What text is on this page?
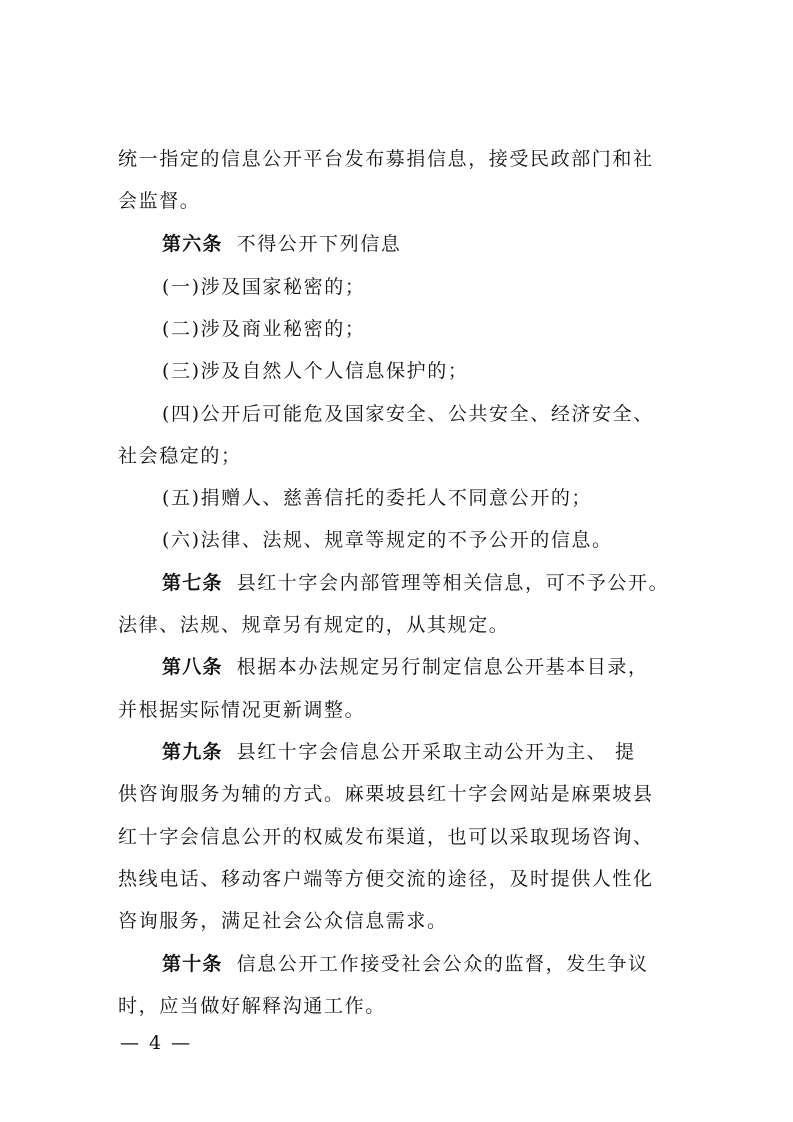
统一指定的信息公开平台发布募捐信息，接受民政部门和社
会监督。
第六条 不得公开下列信息
(一)涉及国家秘密的；
(二)涉及商业秘密的；
(三)涉及自然人个人信息保护的；
(四)公开后可能危及国家安全、公共安全、经济安全、
社会稳定的；
(五)捐赠人、慈善信托的委托人不同意公开的；
(六)法律、法规、规章等规定的不予公开的信息。
第七条 县红十字会内部管理等相关信息，可不予公开。
法律、法规、规章另有规定的，从其规定。
第八条 根据本办法规定另行制定信息公开基本目录，
并根据实际情况更新调整。
第九条 县红十字会信息公开采取主动公开为主、 提
供咨询服务为辅的方式。麻栗坡县红十字会网站是麻栗坡县
红十字会信息公开的权威发布渠道，也可以采取现场咨询、
热线电话、移动客户端等方便交流的途径，及时提供人性化
咨询服务，满足社会公众信息需求。
第十条 信息公开工作接受社会公众的监督，发生争议
时，应当做好解释沟通工作。
— 4 —
